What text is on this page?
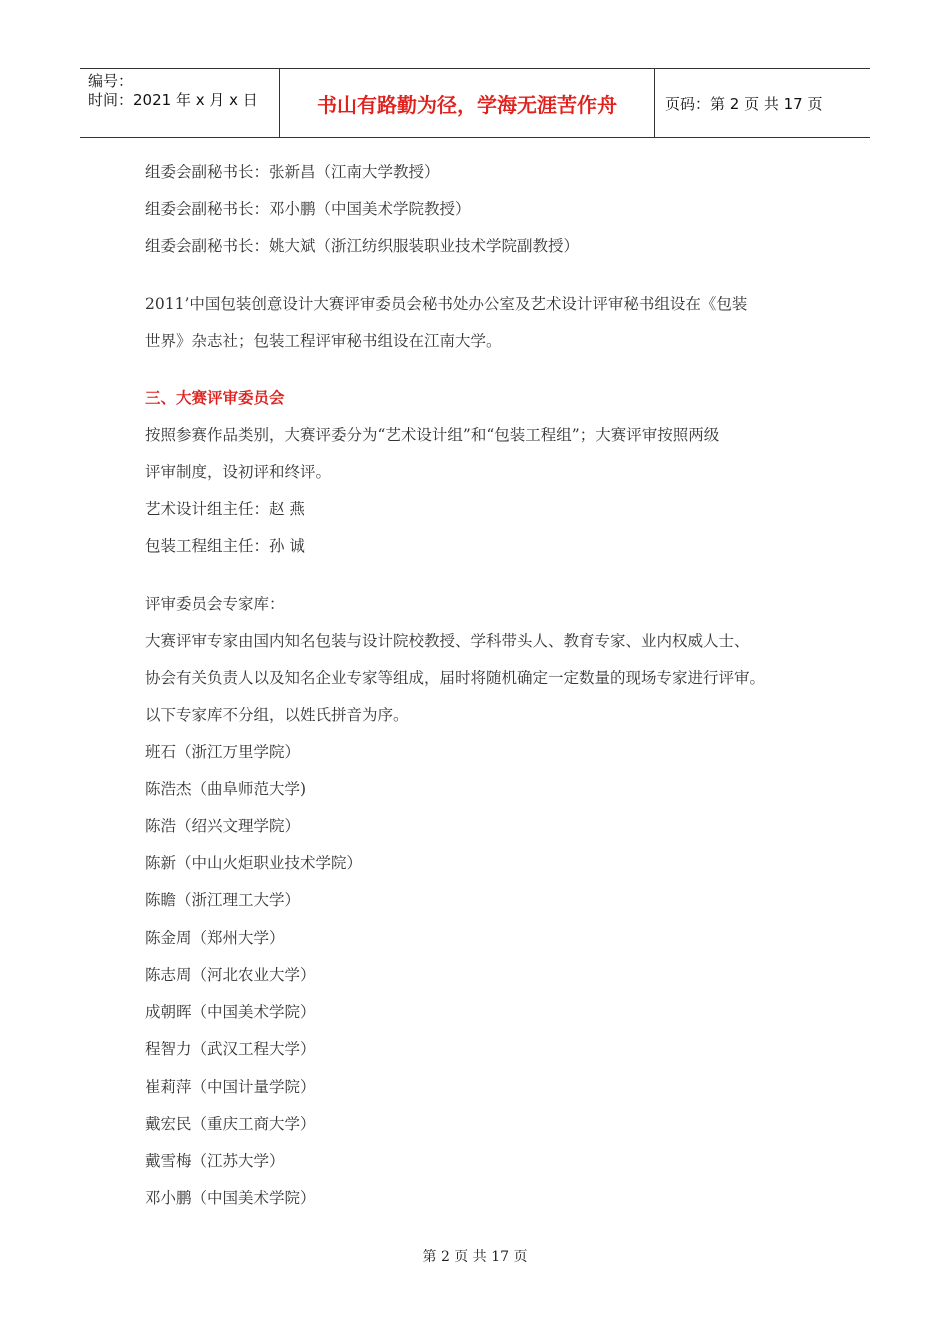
编号：
时间：2021 年 x 月 x 日	书山有路勤为径，学海无涯苦作舟	页码：第 2 页 共 17 页
组委会副秘书长：张新昌（江南大学教授）
组委会副秘书长：邓小鹏（中国美术学院教授）
组委会副秘书长：姚大斌（浙江纺织服装职业技术学院副教授）
2011’中国包装创意设计大赛评审委员会秘书处办公室及艺术设计评审秘书组设在《包装
世界》杂志社；包装工程评审秘书组设在江南大学。
三、大赛评审委员会
按照参赛作品类别，大赛评委分为“艺术设计组”和“包装工程组”；大赛评审按照两级
评审制度，设初评和终评。
艺术设计组主任：赵 燕
包装工程组主任：孙 诚
评审委员会专家库：
大赛评审专家由国内知名包装与设计院校教授、学科带头人、教育专家、业内权威人士、
协会有关负责人以及知名企业专家等组成，届时将随机确定一定数量的现场专家进行评审。
以下专家库不分组，以姓氏拼音为序。
班石（浙江万里学院）
陈浩杰（曲阜师范大学)
陈浩（绍兴文理学院）
陈新（中山火炬职业技术学院）
陈瞻（浙江理工大学）
陈金周（郑州大学）
陈志周（河北农业大学）
成朝晖（中国美术学院）
程智力（武汉工程大学）
崔莉萍（中国计量学院）
戴宏民（重庆工商大学）
戴雪梅（江苏大学）
邓小鹏（中国美术学院）
第 2 页 共 17 页
